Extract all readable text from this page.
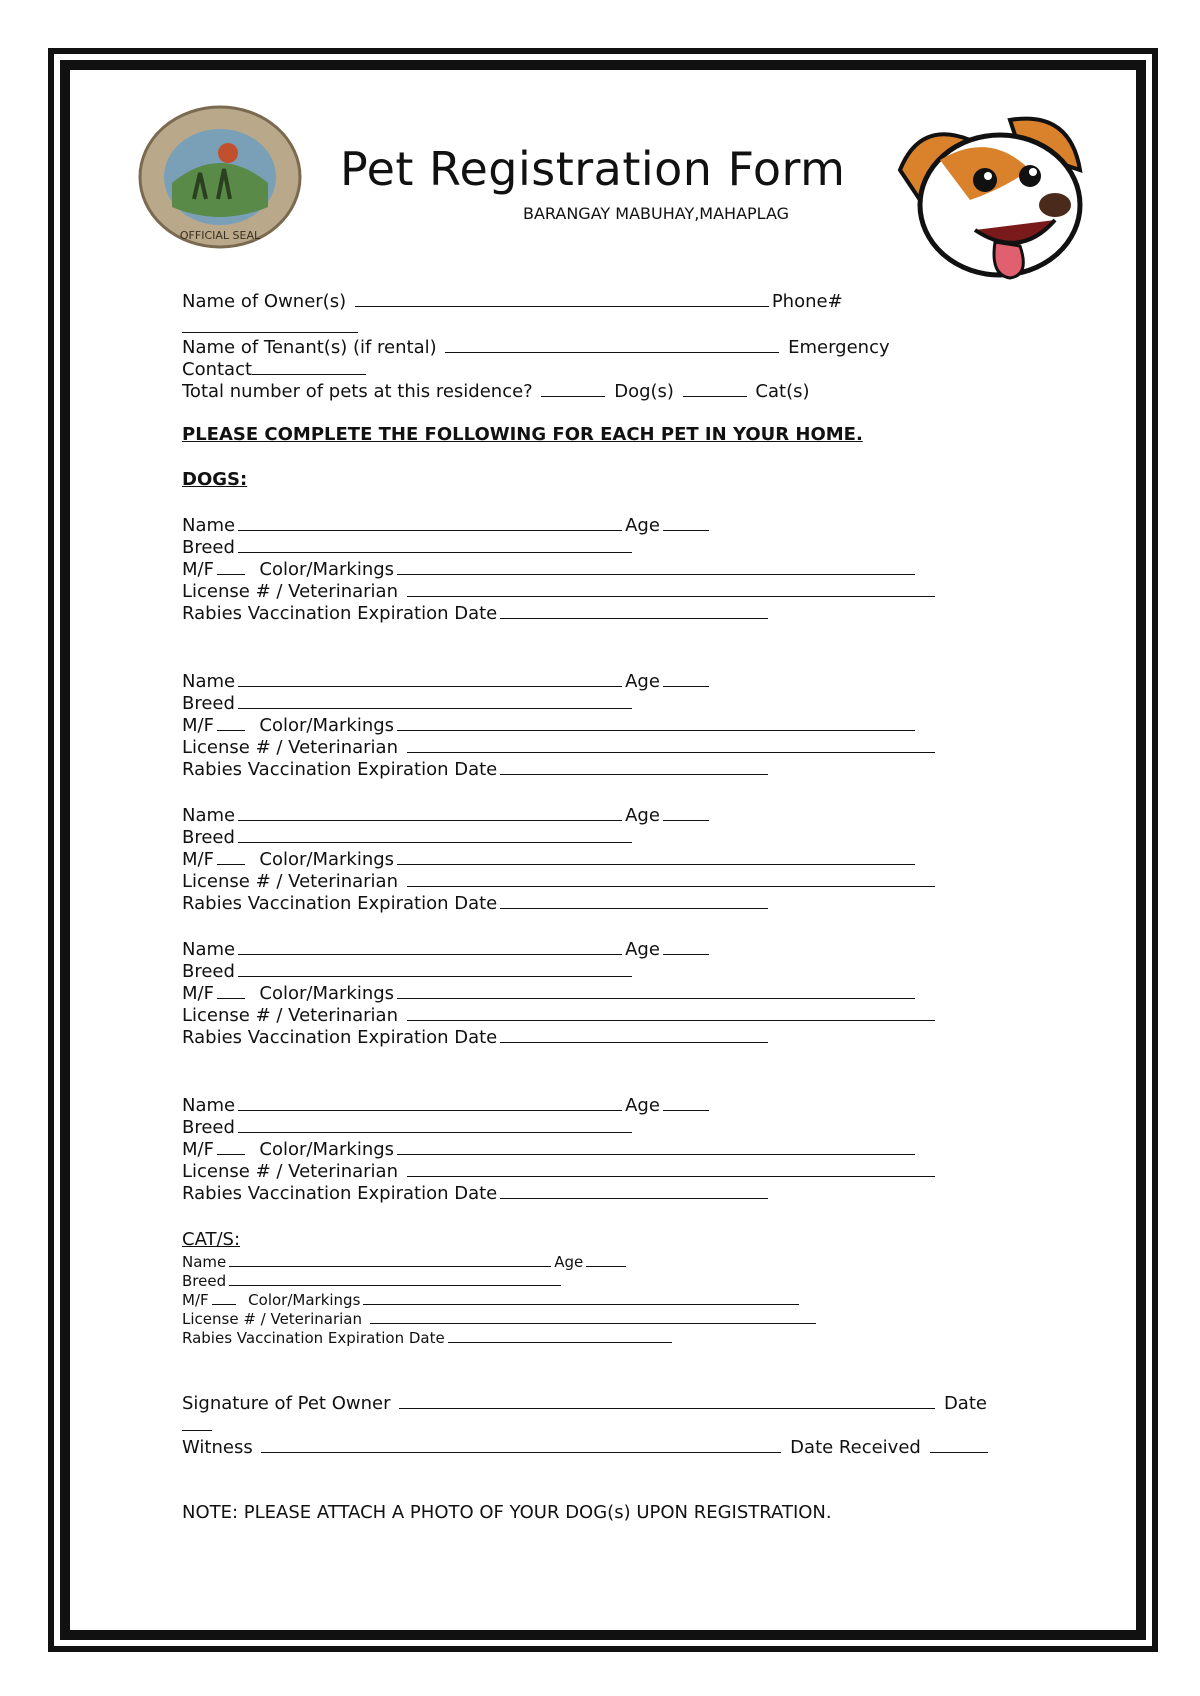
OFFICIAL SEAL
Pet Registration Form
BARANGAY MABUHAY,MAHAPLAG
Name of Owner(s)	Phone#
Name of Tenant(s) (if rental)	Emergency
Contact
Total number of pets at this residence?	Dog(s)	Cat(s)
PLEASE COMPLETE THE FOLLOWING FOR EACH PET IN YOUR HOME.
DOGS:
Name	Age
Breed
M/F	Color/Markings
License # / Veterinarian
Rabies Vaccination Expiration Date
Name	Age
Breed
M/F	Color/Markings
License # / Veterinarian
Rabies Vaccination Expiration Date
Name	Age
Breed
M/F	Color/Markings
License # / Veterinarian
Rabies Vaccination Expiration Date
Name	Age
Breed
M/F	Color/Markings
License # / Veterinarian
Rabies Vaccination Expiration Date
Name	Age
Breed
M/F	Color/Markings
License # / Veterinarian
Rabies Vaccination Expiration Date
CAT/S:
Name	Age
Breed
M/F	Color/Markings
License # / Veterinarian
Rabies Vaccination Expiration Date
Signature of Pet Owner	Date
Witness	Date Received
NOTE: PLEASE ATTACH A PHOTO OF YOUR DOG(s) UPON REGISTRATION.
